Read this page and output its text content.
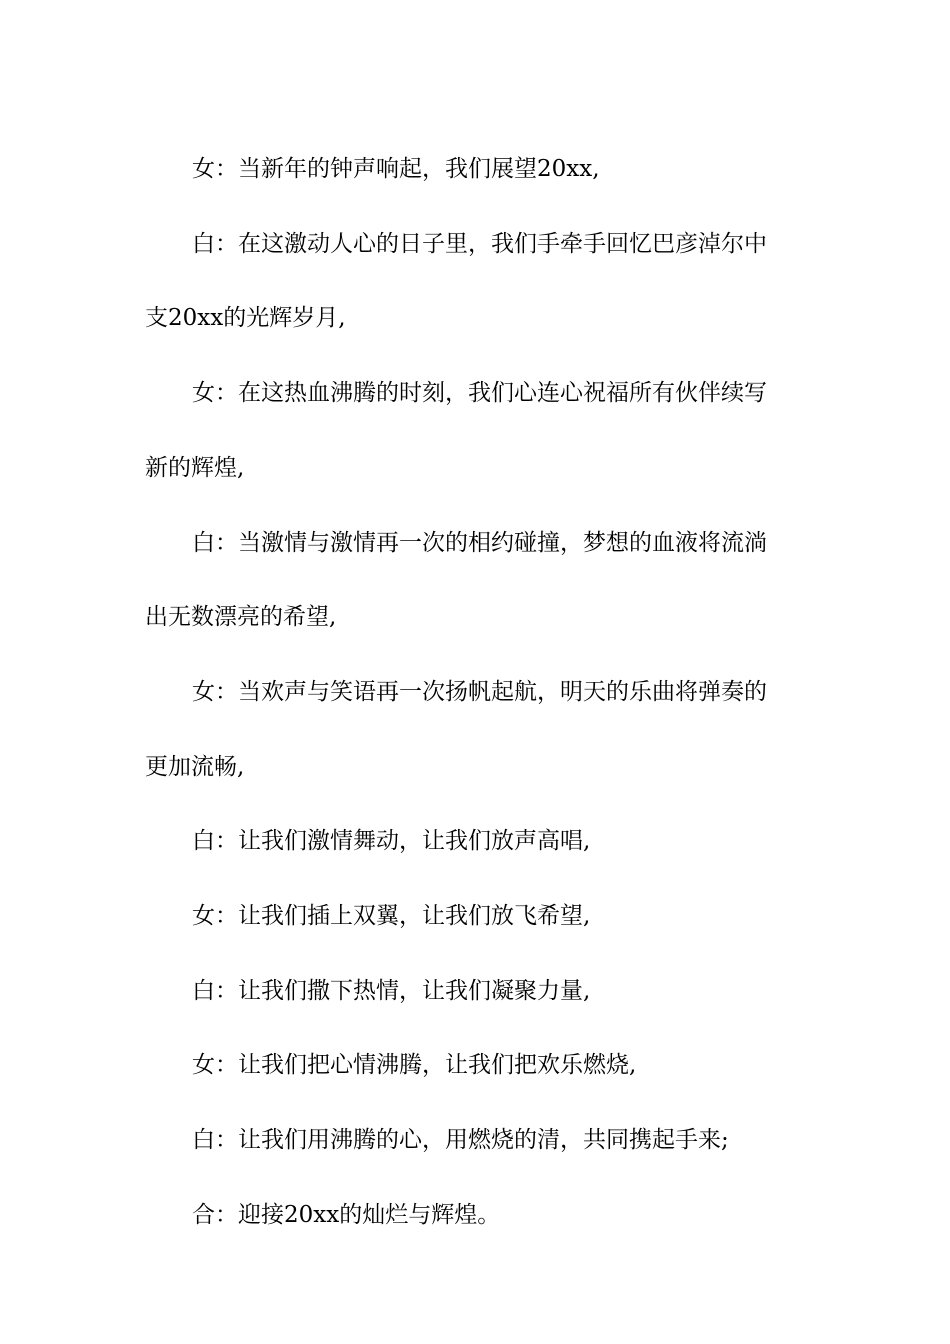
女：当新年的钟声响起，我们展望20xx,

白：在这激动人心的日子里，我们手牵手回忆巴彦淖尔中
支20xx的光辉岁月,

女：在这热血沸腾的时刻，我们心连心祝福所有伙伴续写
新的辉煌,

白：当激情与激情再一次的相约碰撞，梦想的血液将流淌
出无数漂亮的希望,

女：当欢声与笑语再一次扬帆起航，明天的乐曲将弹奏的
更加流畅,

白：让我们激情舞动，让我们放声高唱,

女：让我们插上双翼，让我们放飞希望,

白：让我们撒下热情，让我们凝聚力量,

女：让我们把心情沸腾，让我们把欢乐燃烧,

白：让我们用沸腾的心，用燃烧的清，共同携起手来;

合：迎接20xx的灿烂与辉煌。
